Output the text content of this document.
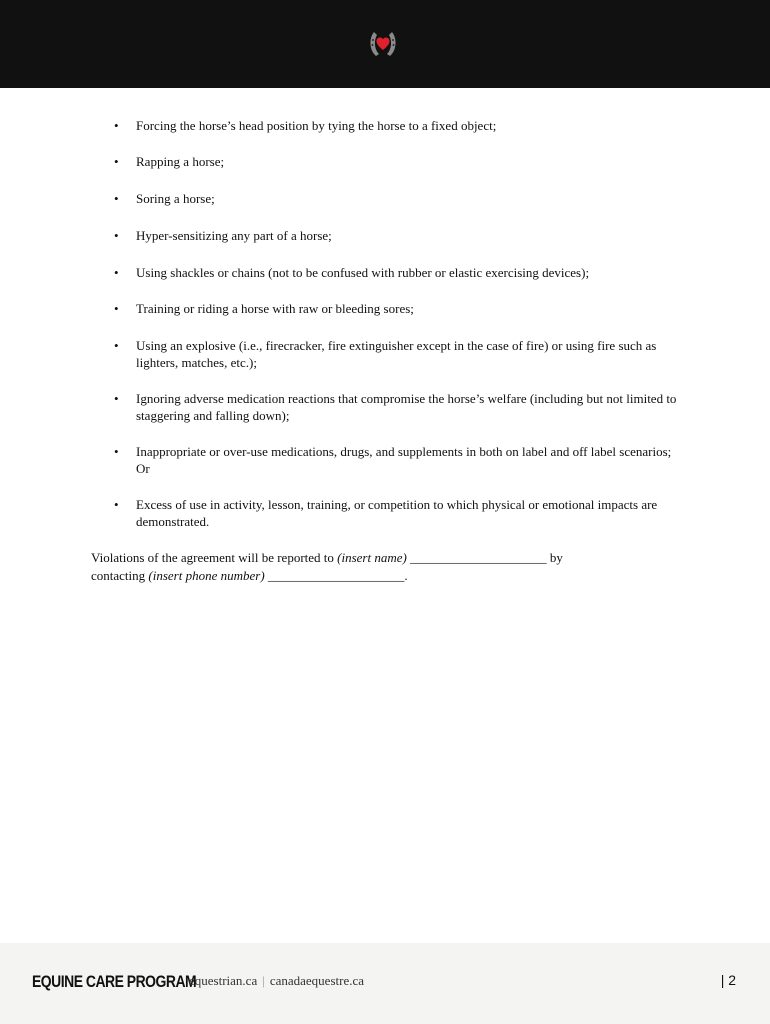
• Forcing the horse’s head position by tying the horse to a fixed object;
• Rapping a horse;
• Soring a horse;
• Hyper-sensitizing any part of a horse;
• Using shackles or chains (not to be confused with rubber or elastic exercising devices);
• Training or riding a horse with raw or bleeding sores;
• Using an explosive (i.e., firecracker, fire extinguisher except in the case of fire) or using fire such as lighters, matches, etc.);
• Ignoring adverse medication reactions that compromise the horse’s welfare (including but not limited to staggering and falling down);
• Inappropriate or over-use medications, drugs, and supplements in both on label and off label scenarios; Or
• Excess of use in activity, lesson, training, or competition to which physical or emotional impacts are demonstrated.
Violations of the agreement will be reported to (insert name) _____________________ by
contacting (insert phone number) _____________________.
EQUINE CARE PROGRAM
equestrian.ca | canadaequestre.ca	| 2
